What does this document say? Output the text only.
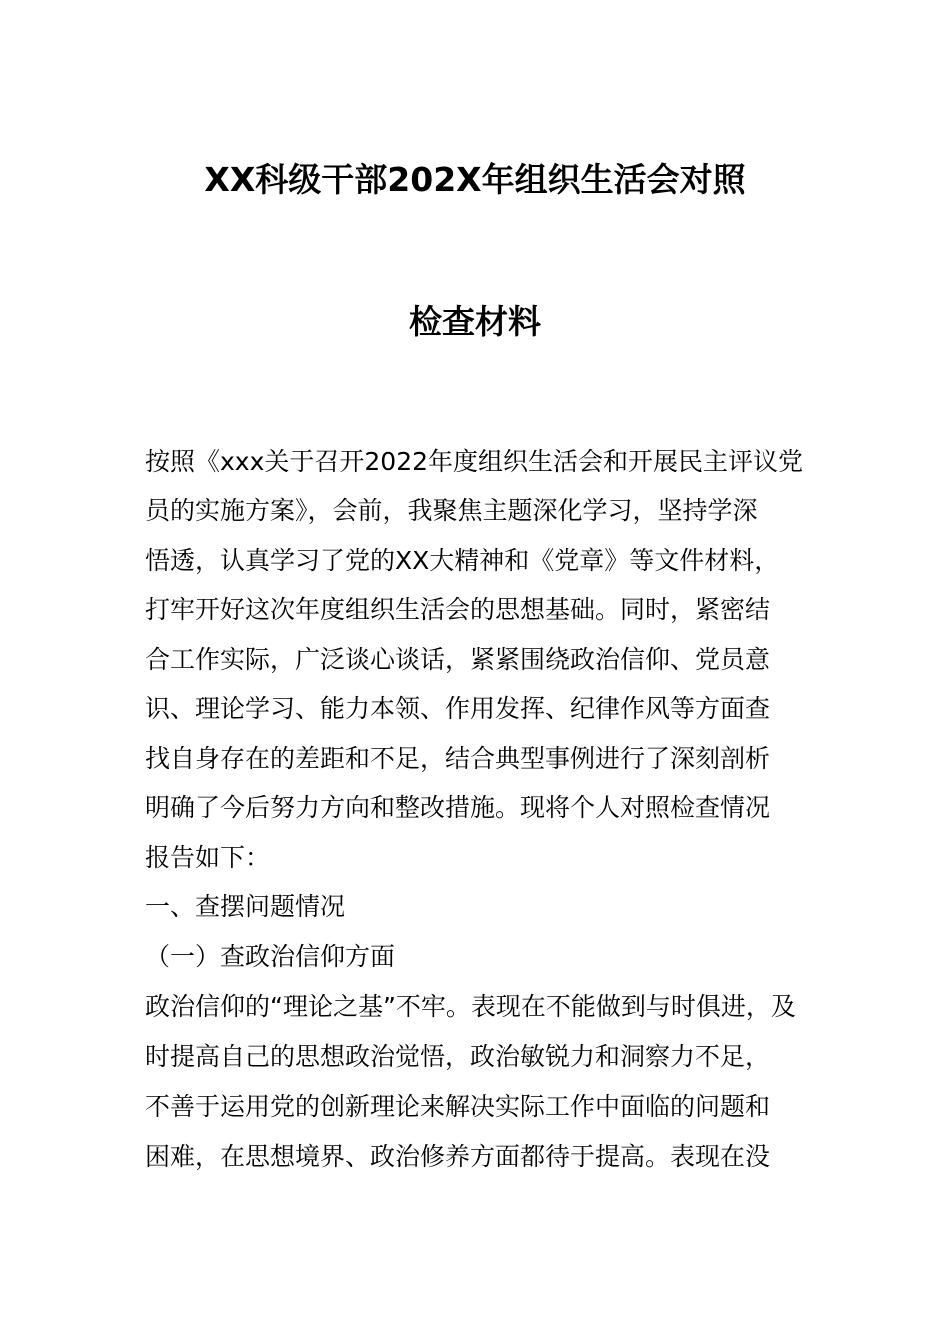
XX科级干部202X年组织生活会对照
检查材料
按照《xxx关于召开2022年度组织生活会和开展民主评议党
员的实施方案》，会前，我聚焦主题深化学习，坚持学深
悟透，认真学习了党的XX大精神和《党章》等文件材料，
打牢开好这次年度组织生活会的思想基础。同时，紧密结
合工作实际，广泛谈心谈话，紧紧围绕政治信仰、党员意
识、理论学习、能力本领、作用发挥、纪律作风等方面查
找自身存在的差距和不足，结合典型事例进行了深刻剖析
明确了今后努力方向和整改措施。现将个人对照检查情况
报告如下：
一、查摆问题情况
（一）查政治信仰方面
政治信仰的“理论之基”不牢。表现在不能做到与时俱进，及
时提高自己的思想政治觉悟，政治敏锐力和洞察力不足，
不善于运用党的创新理论来解决实际工作中面临的问题和
困难，在思想境界、政治修养方面都待于提高。表现在没
